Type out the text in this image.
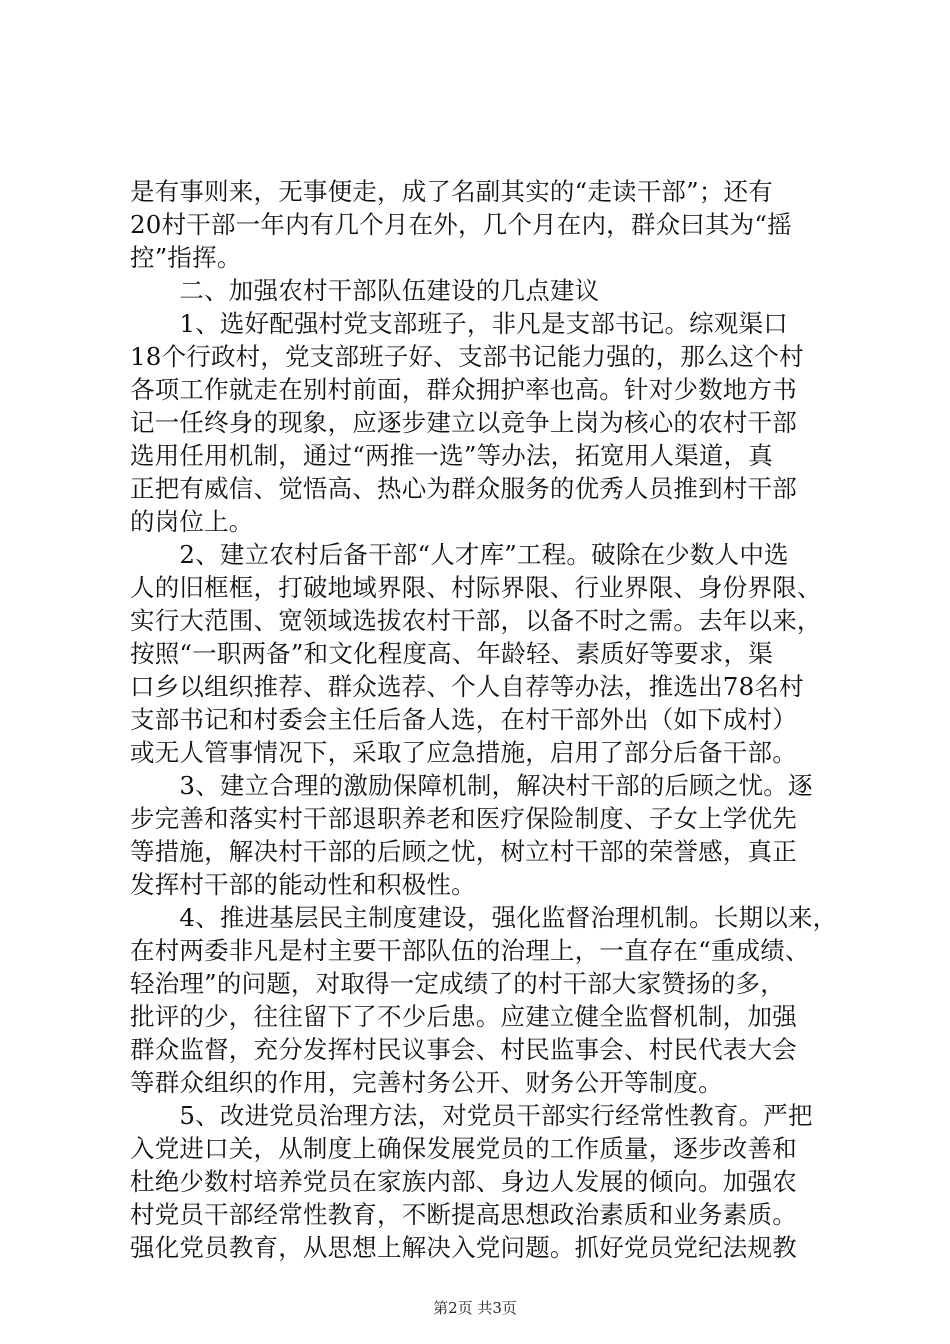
是有事则来，无事便走，成了名副其实的“走读干部”；还有
20村干部一年内有几个月在外，几个月在内，群众曰其为“摇
控”指挥。
　　二、加强农村干部队伍建设的几点建议
　　1、选好配强村党支部班子，非凡是支部书记。综观渠口
18个行政村，党支部班子好、支部书记能力强的，那么这个村
各项工作就走在别村前面，群众拥护率也高。针对少数地方书
记一任终身的现象，应逐步建立以竞争上岗为核心的农村干部
选用任用机制，通过“两推一选”等办法，拓宽用人渠道，真
正把有威信、觉悟高、热心为群众服务的优秀人员推到村干部
的岗位上。
　　2、建立农村后备干部“人才库”工程。破除在少数人中选
人的旧框框，打破地域界限、村际界限、行业界限、身份界限、
实行大范围、宽领域选拔农村干部，以备不时之需。去年以来，
按照“一职两备”和文化程度高、年龄轻、素质好等要求，渠
口乡以组织推荐、群众选荐、个人自荐等办法，推选出78名村
支部书记和村委会主任后备人选，在村干部外出（如下成村）
或无人管事情况下，采取了应急措施，启用了部分后备干部。
　　3、建立合理的激励保障机制，解决村干部的后顾之忧。逐
步完善和落实村干部退职养老和医疗保险制度、子女上学优先
等措施，解决村干部的后顾之忧，树立村干部的荣誉感，真正
发挥村干部的能动性和积极性。
　　4、推进基层民主制度建设，强化监督治理机制。长期以来，
在村两委非凡是村主要干部队伍的治理上，一直存在“重成绩、
轻治理”的问题，对取得一定成绩了的村干部大家赞扬的多，
批评的少，往往留下了不少后患。应建立健全监督机制，加强
群众监督，充分发挥村民议事会、村民监事会、村民代表大会
等群众组织的作用，完善村务公开、财务公开等制度。
　　5、改进党员治理方法，对党员干部实行经常性教育。严把
入党进口关，从制度上确保发展党员的工作质量，逐步改善和
杜绝少数村培养党员在家族内部、身边人发展的倾向。加强农
村党员干部经常性教育，不断提高思想政治素质和业务素质。
强化党员教育，从思想上解决入党问题。抓好党员党纪法规教
第2页 共3页
